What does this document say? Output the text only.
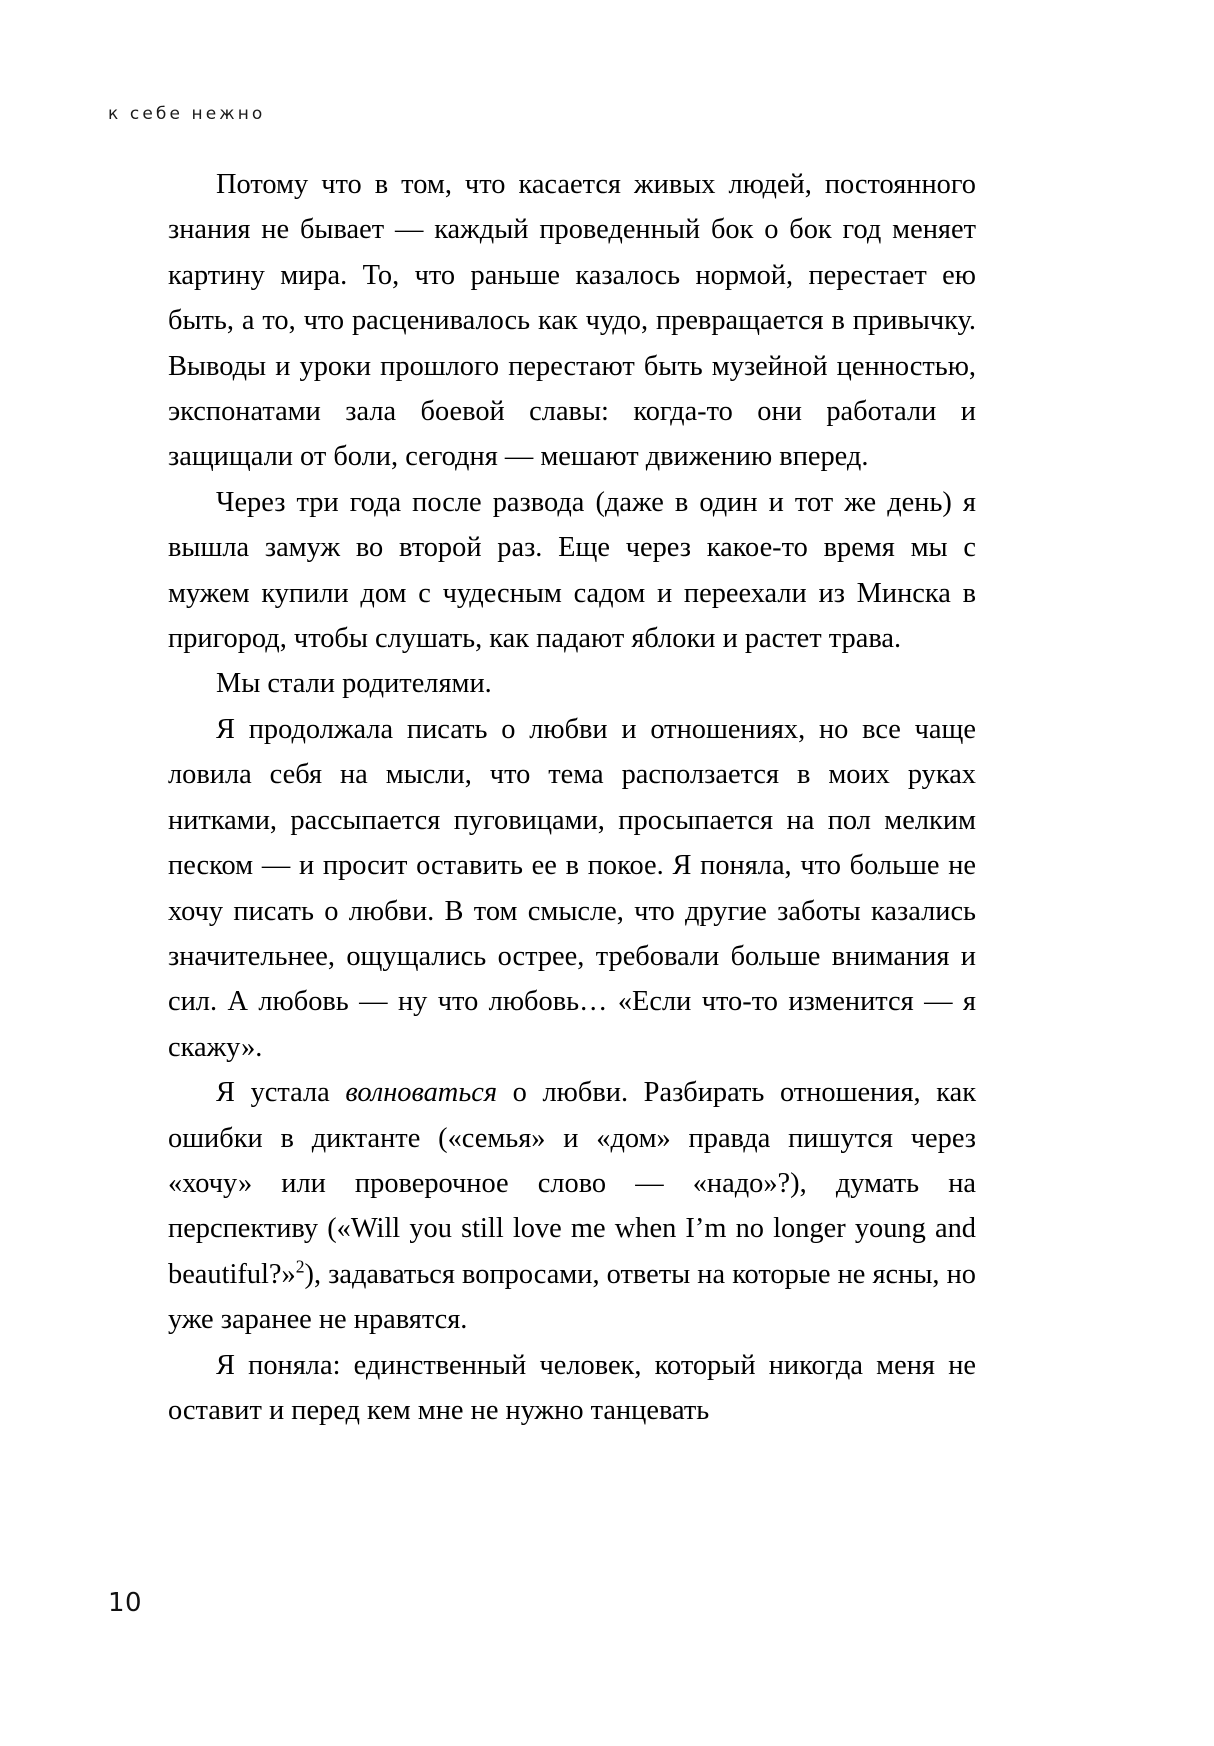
к себе нежно

Потому что в том, что касается живых людей, постоянного знания не бывает — каждый проведенный бок о бок год меняет картину мира. То, что раньше казалось нормой, перестает ею быть, а то, что расценивалось как чудо, превращается в привычку. Выводы и уроки прошлого перестают быть музейной ценностью, экспонатами зала боевой славы: когда-то они работали и защищали от боли, сегодня — мешают движению вперед.

Через три года после развода (даже в один и тот же день) я вышла замуж во второй раз. Еще через какое-то время мы с мужем купили дом с чудесным садом и переехали из Минска в пригород, чтобы слушать, как падают яблоки и растет трава.

Мы стали родителями.

Я продолжала писать о любви и отношениях, но все чаще ловила себя на мысли, что тема расползается в моих руках нитками, рассыпается пуговицами, просыпается на пол мелким песком — и просит оставить ее в покое. Я поняла, что больше не хочу писать о любви. В том смысле, что другие заботы казались значительнее, ощущались острее, требовали больше внимания и сил. А любовь — ну что любовь… «Если что-то изменится — я скажу».

Я устала волноваться о любви. Разбирать отношения, как ошибки в диктанте («семья» и «дом» правда пишутся через «хочу» или проверочное слово — «надо»?), думать на перспективу («Will you still love me when I’m no longer young and beautiful?»$^2$), задаваться вопросами, ответы на которые не ясны, но уже заранее не нравятся.

Я поняла: единственный человек, который никогда меня не оставит и перед кем мне не нужно танцевать

10
